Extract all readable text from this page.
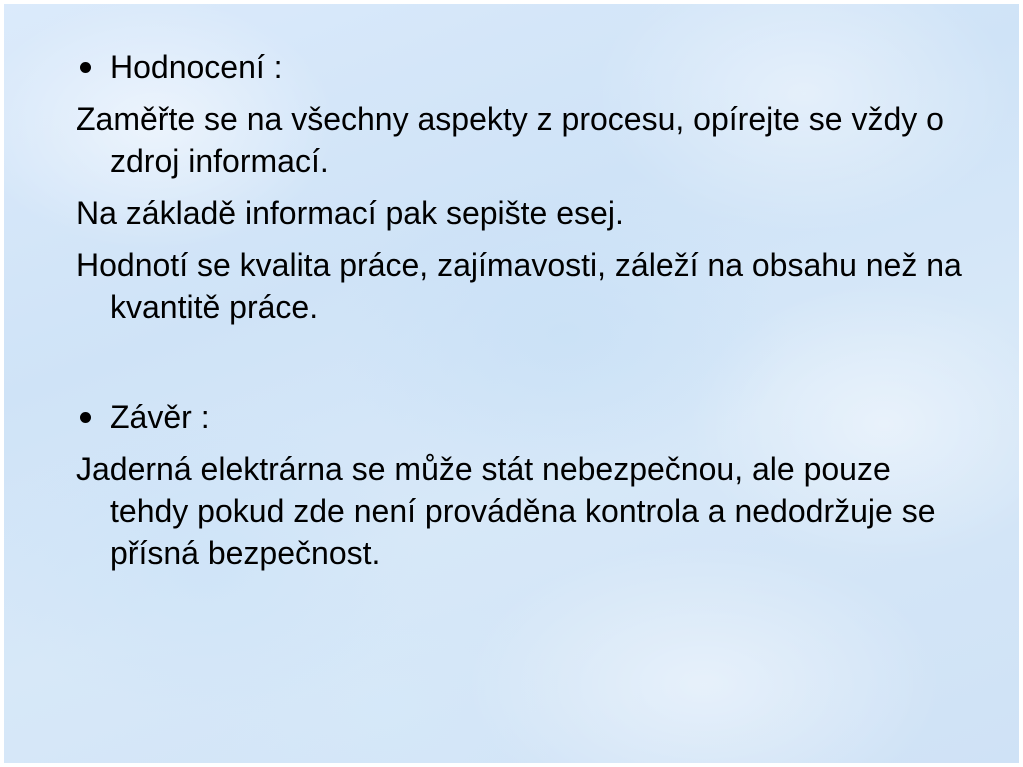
Hodnocení :

Zaměřte se na všechny aspekty z procesu, opírejte se vždy o zdroj informací.

Na základě informací pak sepište esej.

Hodnotí se kvalita práce, zajímavosti, záleží na obsahu než na kvantitě práce.

Závěr :

Jaderná elektrárna se může stát nebezpečnou, ale pouze tehdy pokud zde není prováděna kontrola a nedodržuje se přísná bezpečnost.
